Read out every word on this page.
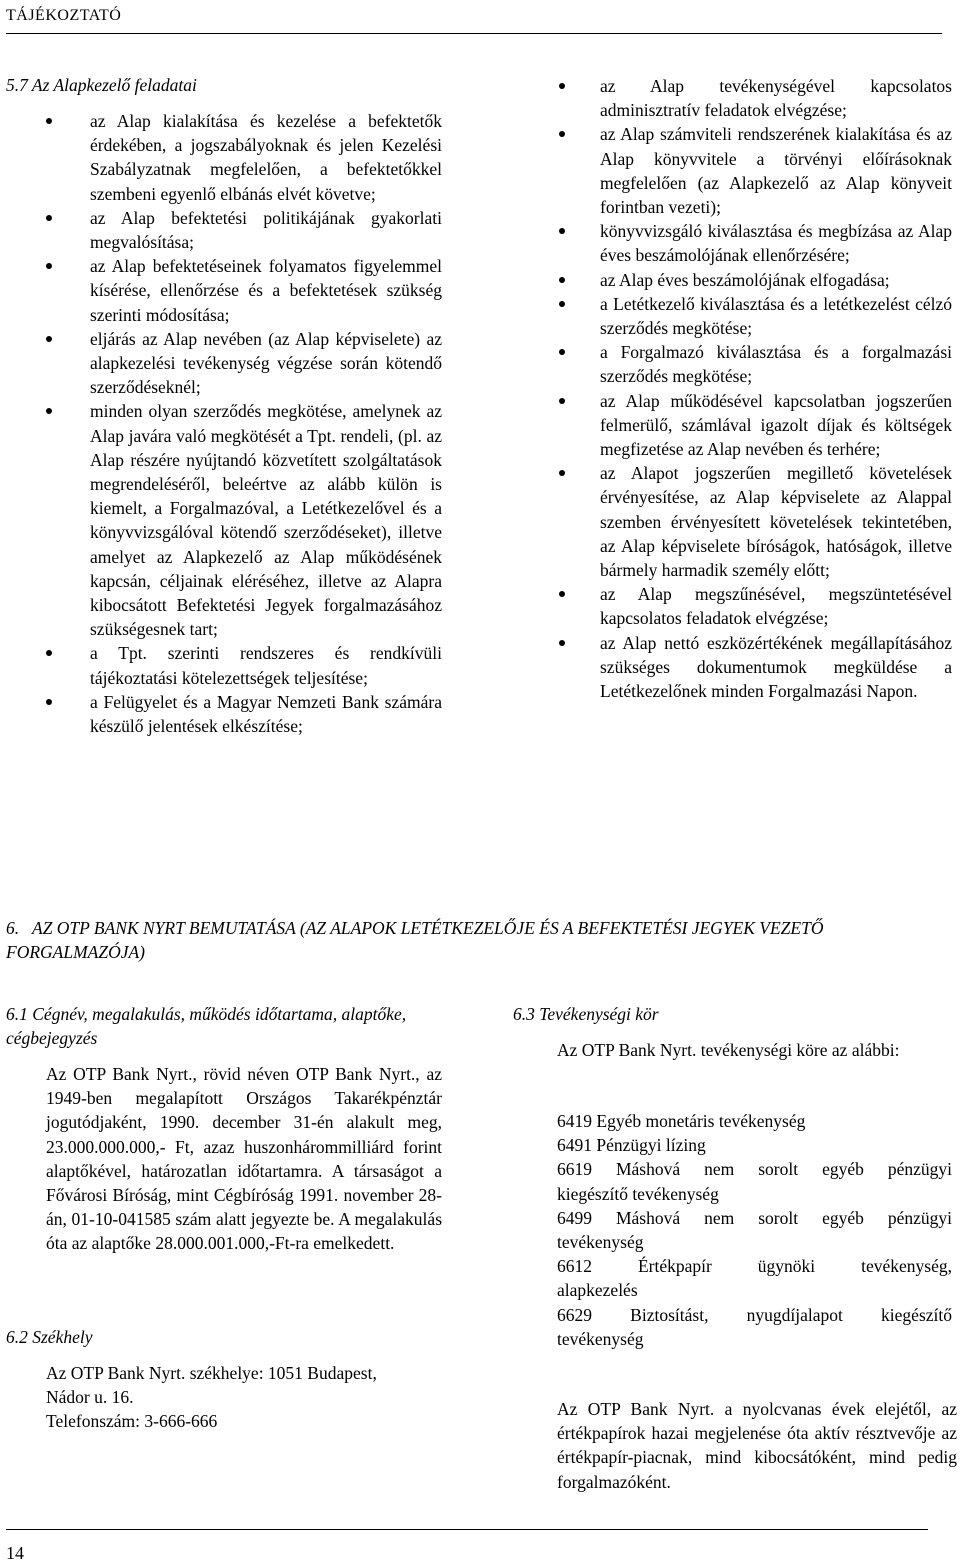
TÁJÉKOZTATÓ
5.7 Az Alapkezelő feladatai
az Alap kialakítása és kezelése a befektetők érdekében, a jogszabályoknak és jelen Kezelési Szabályzatnak megfelelően, a befektetőkkel szembeni egyenlő elbánás elvét követve;
az Alap befektetési politikájának gyakorlati megvalósítása;
az Alap befektetéseinek folyamatos figyelemmel kísérése, ellenőrzése és a befektetések szükség szerinti módosítása;
eljárás az Alap nevében (az Alap képviselete) az alapkezelési tevékenység végzése során kötendő szerződéseknél;
minden olyan szerződés megkötése, amelynek az Alap javára való megkötését a Tpt. rendeli, (pl. az Alap részére nyújtandó közvetített szolgáltatások megrendeléséről, beleértve az alább külön is kiemelt, a Forgalmazóval, a Letétkezelővel és a könyvvizsgálóval kötendő szerződéseket), illetve amelyet az Alapkezelő az Alap működésének kapcsán, céljainak eléréséhez, illetve az Alapra kibocsátott Befektetési Jegyek forgalmazásához szükségesnek tart;
a Tpt. szerinti rendszeres és rendkívüli tájékoztatási kötelezettségek teljesítése;
a Felügyelet és a Magyar Nemzeti Bank számára készülő jelentések elkészítése;
az Alap tevékenységével kapcsolatos adminisztratív feladatok elvégzése;
az Alap számviteli rendszerének kialakítása és az Alap könyvvitele a törvényi előírásoknak megfelelően (az Alapkezelő az Alap könyveit forintban vezeti);
könyvvizsgáló kiválasztása és megbízása az Alap éves beszámolójának ellenőrzésére;
az Alap éves beszámolójának elfogadása;
a Letétkezelő kiválasztása és a letétkezelést célzó szerződés megkötése;
a Forgalmazó kiválasztása és a forgalmazási szerződés megkötése;
az Alap működésével kapcsolatban jogszerűen felmerülő, számlával igazolt díjak és költségek megfizetése az Alap nevében és terhére;
az Alapot jogszerűen megillető követelések érvényesítése, az Alap képviselete az Alappal szemben érvényesített követelések tekintetében, az Alap képviselete bíróságok, hatóságok, illetve bármely harmadik személy előtt;
az Alap megszűnésével, megszüntetésével kapcsolatos feladatok elvégzése;
az Alap nettó eszközértékének megállapításához szükséges dokumentumok megküldése a Letétkezelőnek minden Forgalmazási Napon.
6. AZ OTP BANK NYRT BEMUTATÁSA (AZ ALAPOK LETÉTKEZELŐJE ÉS A BEFEKTETÉSI JEGYEK VEZETŐ
FORGALMAZÓJA)
6.1 Cégnév, megalakulás, működés időtartama, alaptőke, cégbejegyzés
Az OTP Bank Nyrt., rövid néven OTP Bank Nyrt., az 1949-ben megalapított Országos Takarékpénztár jogutódjaként, 1990. december 31-én alakult meg, 23.000.000.000,- Ft, azaz huszonhárommilliárd forint alaptőkével, határozatlan időtartamra. A társaságot a Fővárosi Bíróság, mint Cégbíróság 1991. november 28-án, 01-10-041585 szám alatt jegyezte be. A megalakulás óta az alaptőke 28.000.001.000,-Ft-ra emelkedett.
6.2 Székhely
Az OTP Bank Nyrt. székhelye: 1051 Budapest,
Nádor u. 16.
Telefonszám: 3-666-666
6.3 Tevékenységi kör
Az OTP Bank Nyrt. tevékenységi köre az alábbi:
6419 Egyéb monetáris tevékenység
6491 Pénzügyi lízing
6619 Máshová nem sorolt egyéb pénzügyi
kiegészítő tevékenység
6499 Máshová nem sorolt egyéb pénzügyi
tevékenység
6612 Értékpapír ügynöki tevékenység,
alapkezelés
6629 Biztosítást, nyugdíjalapot kiegészítő
tevékenység
Az OTP Bank Nyrt. a nyolcvanas évek elejétől, az értékpapírok hazai megjelenése óta aktív résztvevője az értékpapír-piacnak, mind kibocsátóként, mind pedig forgalmazóként.
14
